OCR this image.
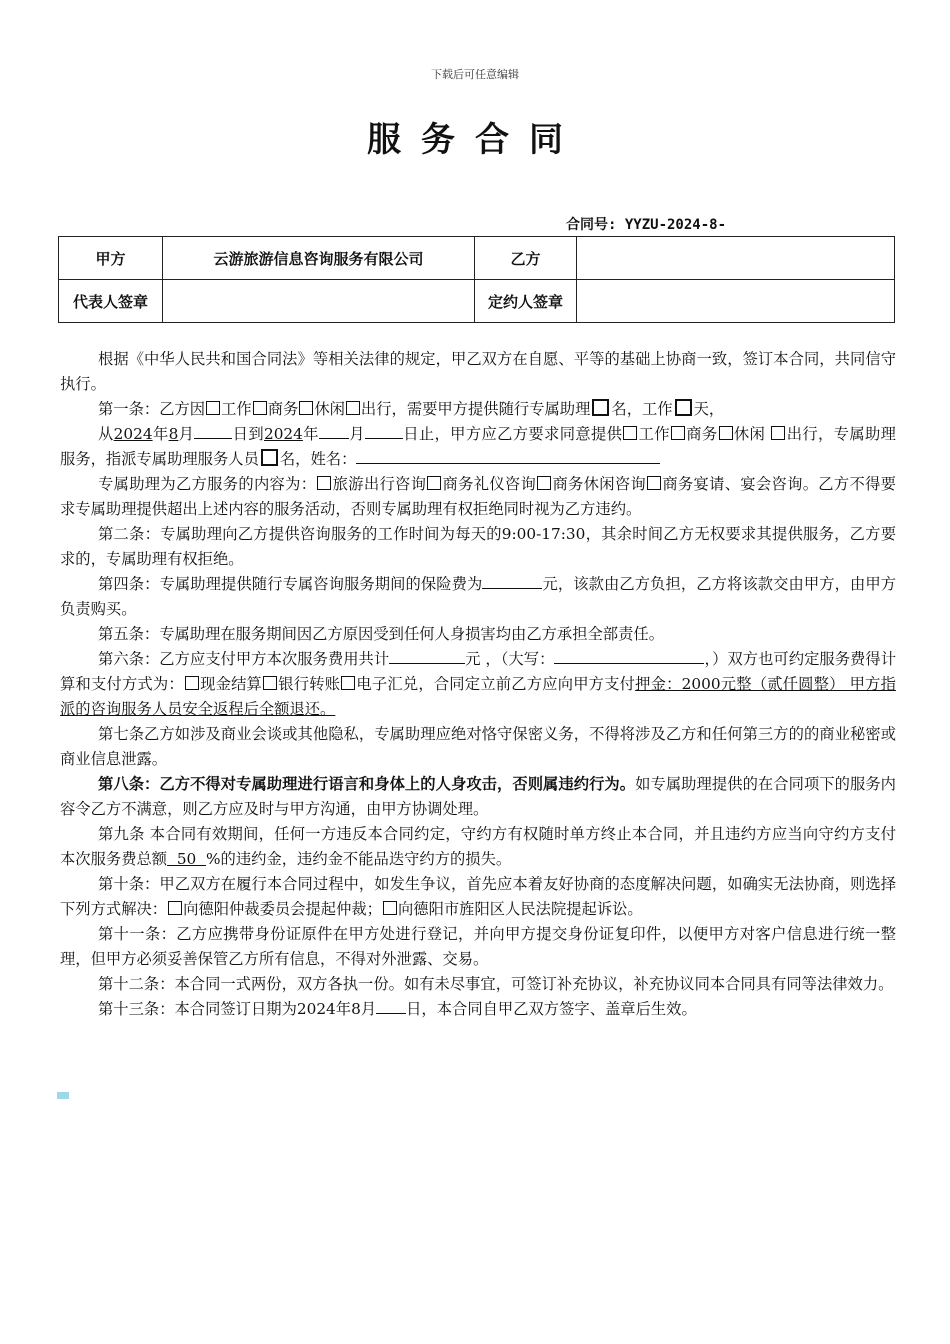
下载后可任意编辑
服务合同
合同号: YYZU-2024-8-
甲方	云游旅游信息咨询服务有限公司	乙方	
代表人签章		定约人签章	

根据《中华人民共和国合同法》等相关法律的规定，甲乙双方在自愿、平等的基础上协商一致，签订本合同，共同信守执行。

第一条：乙方因 工作 商务 休闲 出行，需要甲方提供随行专属助理 名，工作 天，

从2024年8月 日到2024年 月 日止，甲方应乙方要求同意提供 工作 商务 休闲 出行，专属助理服务，指派专属助理服务人员 名，姓名：

专属助理为乙方服务的内容为： 旅游出行咨询 商务礼仪咨询 商务休闲咨询 商务宴请、宴会咨询。乙方不得要求专属助理提供超出上述内容的服务活动，否则专属助理有权拒绝同时视为乙方违约。

第二条：专属助理向乙方提供咨询服务的工作时间为每天的9:00-17:30，其余时间乙方无权要求其提供服务，乙方要求的，专属助理有权拒绝。

第四条：专属助理提供随行专属咨询服务期间的保险费为	元，该款由乙方负担，乙方将该款交由甲方，由甲方负责购买。

第五条：专属助理在服务期间因乙方原因受到任何人身损害均由乙方承担全部责任。

第六条：乙方应支付甲方本次服务费用共计	元 ，（大写：	，）双方也可约定服务费得计算和支付方式为： 现金结算 银行转账 电子汇兑，合同定立前乙方应向甲方支付押金：2000元整（贰仟圆整） 甲方指派的咨询服务人员安全返程后全额退还。

第七条乙方如涉及商业会谈或其他隐私，专属助理应绝对恪守保密义务，不得将涉及乙方和任何第三方的的商业秘密或商业信息泄露。

第八条：乙方不得对专属助理进行语言和身体上的人身攻击，否则属违约行为。如专属助理提供的在合同项下的服务内容令乙方不满意，则乙方应及时与甲方沟通，由甲方协调处理。

第九条 本合同有效期间，任何一方违反本合同约定，守约方有权随时单方终止本合同，并且违约方应当向守约方支付本次服务费总额  50  %的违约金，违约金不能品迭守约方的损失。

第十条：甲乙双方在履行本合同过程中，如发生争议，首先应本着友好协商的态度解决问题，如确实无法协商，则选择下列方式解决： 向德阳仲裁委员会提起仲裁； 向德阳市旌阳区人民法院提起诉讼。

第十一条：乙方应携带身份证原件在甲方处进行登记，并向甲方提交身份证复印件，以便甲方对客户信息进行统一整理，但甲方必须妥善保管乙方所有信息，不得对外泄露、交易。

第十二条：本合同一式两份，双方各执一份。如有未尽事宜，可签订补充协议，补充协议同本合同具有同等法律效力。

第十三条：本合同签订日期为2024年8月 日，本合同自甲乙双方签字、盖章后生效。
